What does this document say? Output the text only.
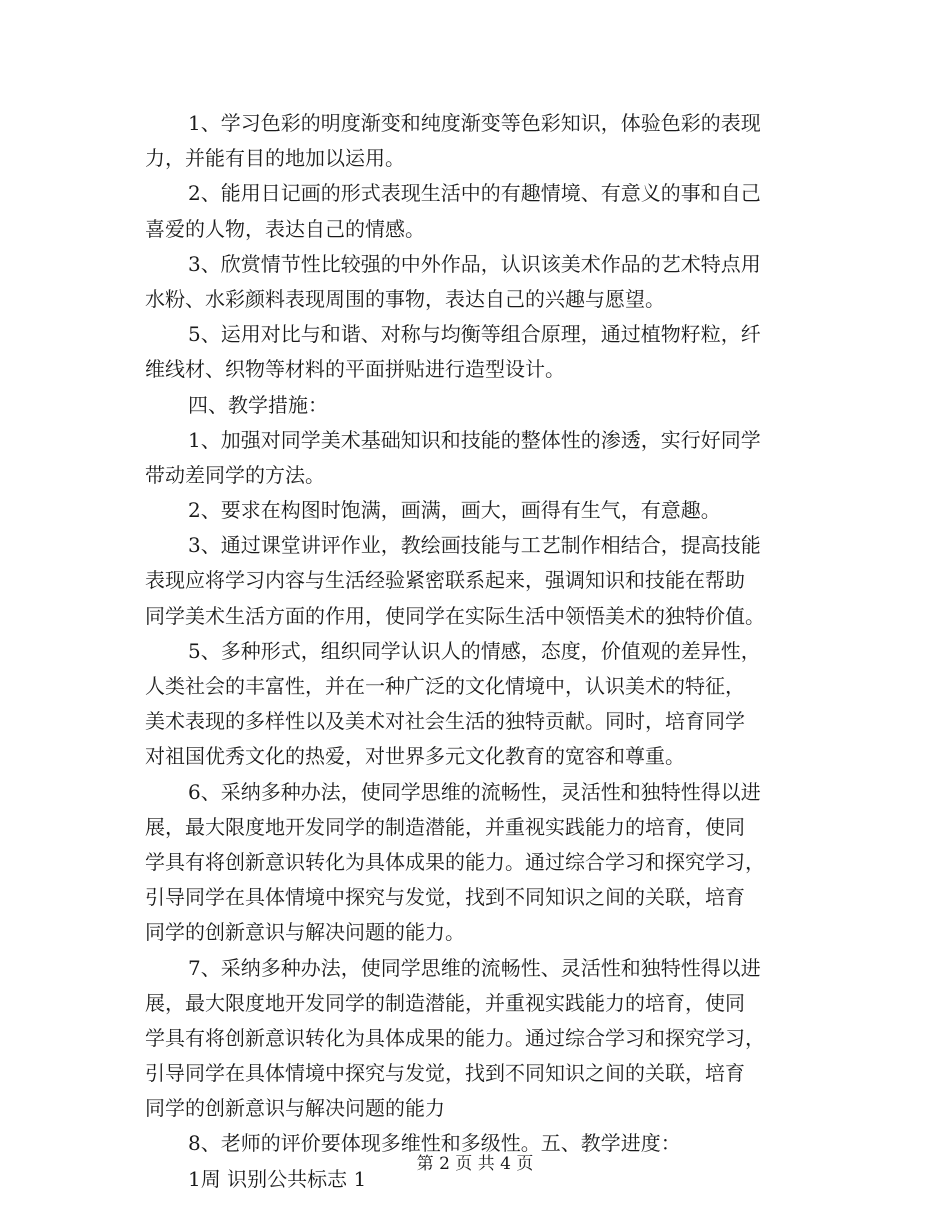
1、学习色彩的明度渐变和纯度渐变等色彩知识，体验色彩的表现
力，并能有目的地加以运用。
2、能用日记画的形式表现生活中的有趣情境、有意义的事和自己
喜爱的人物，表达自己的情感。
3、欣赏情节性比较强的中外作品，认识该美术作品的艺术特点用
水粉、水彩颜料表现周围的事物，表达自己的兴趣与愿望。
5、运用对比与和谐、对称与均衡等组合原理，通过植物籽粒，纤
维线材、织物等材料的平面拼贴进行造型设计。
四、教学措施：
1、加强对同学美术基础知识和技能的整体性的渗透，实行好同学
带动差同学的方法。
2、要求在构图时饱满，画满，画大，画得有生气，有意趣。
3、通过课堂讲评作业，教绘画技能与工艺制作相结合，提高技能
表现应将学习内容与生活经验紧密联系起来，强调知识和技能在帮助
同学美术生活方面的作用，使同学在实际生活中领悟美术的独特价值。
5、多种形式，组织同学认识人的情感，态度，价值观的差异性，
人类社会的丰富性，并在一种广泛的文化情境中，认识美术的特征，
美术表现的多样性以及美术对社会生活的独特贡献。同时，培育同学
对祖国优秀文化的热爱，对世界多元文化教育的宽容和尊重。
6、采纳多种办法，使同学思维的流畅性，灵活性和独特性得以进
展，最大限度地开发同学的制造潜能，并重视实践能力的培育，使同
学具有将创新意识转化为具体成果的能力。通过综合学习和探究学习，
引导同学在具体情境中探究与发觉，找到不同知识之间的关联，培育
同学的创新意识与解决问题的能力。
7、采纳多种办法，使同学思维的流畅性、灵活性和独特性得以进
展，最大限度地开发同学的制造潜能，并重视实践能力的培育，使同
学具有将创新意识转化为具体成果的能力。通过综合学习和探究学习，
引导同学在具体情境中探究与发觉，找到不同知识之间的关联，培育
同学的创新意识与解决问题的能力
8、老师的评价要体现多维性和多级性。五、教学进度：
1周 识别公共标志 1
第 2 页 共 4 页
